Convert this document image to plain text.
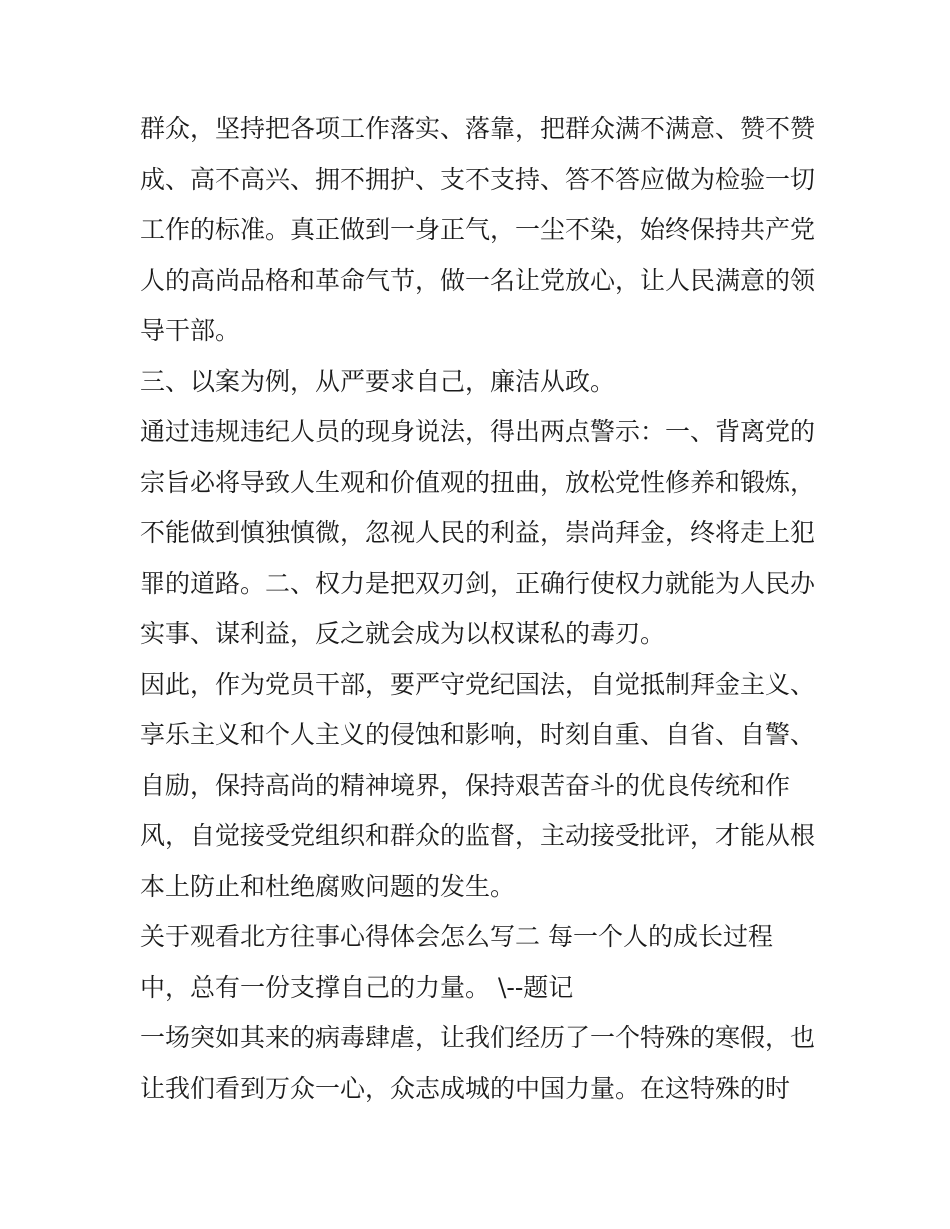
群众，坚持把各项工作落实、落靠，把群众满不满意、赞不赞
成、高不高兴、拥不拥护、支不支持、答不答应做为检验一切
工作的标准。真正做到一身正气，一尘不染，始终保持共产党
人的高尚品格和革命气节，做一名让党放心，让人民满意的领
导干部。

三、以案为例，从严要求自己，廉洁从政。

通过违规违纪人员的现身说法，得出两点警示：一、背离党的
宗旨必将导致人生观和价值观的扭曲，放松党性修养和锻炼，
不能做到慎独慎微，忽视人民的利益，崇尚拜金，终将走上犯
罪的道路。二、权力是把双刃剑，正确行使权力就能为人民办
实事、谋利益，反之就会成为以权谋私的毒刃。

因此，作为党员干部，要严守党纪国法，自觉抵制拜金主义、
享乐主义和个人主义的侵蚀和影响，时刻自重、自省、自警、
自励，保持高尚的精神境界，保持艰苦奋斗的优良传统和作
风，自觉接受党组织和群众的监督，主动接受批评，才能从根
本上防止和杜绝腐败问题的发生。

关于观看北方往事心得体会怎么写二 每一个人的成长过程
中，总有一份支撑自己的力量。 \--题记

一场突如其来的病毒肆虐，让我们经历了一个特殊的寒假，也
让我们看到万众一心，众志成城的中国力量。在这特殊的时
